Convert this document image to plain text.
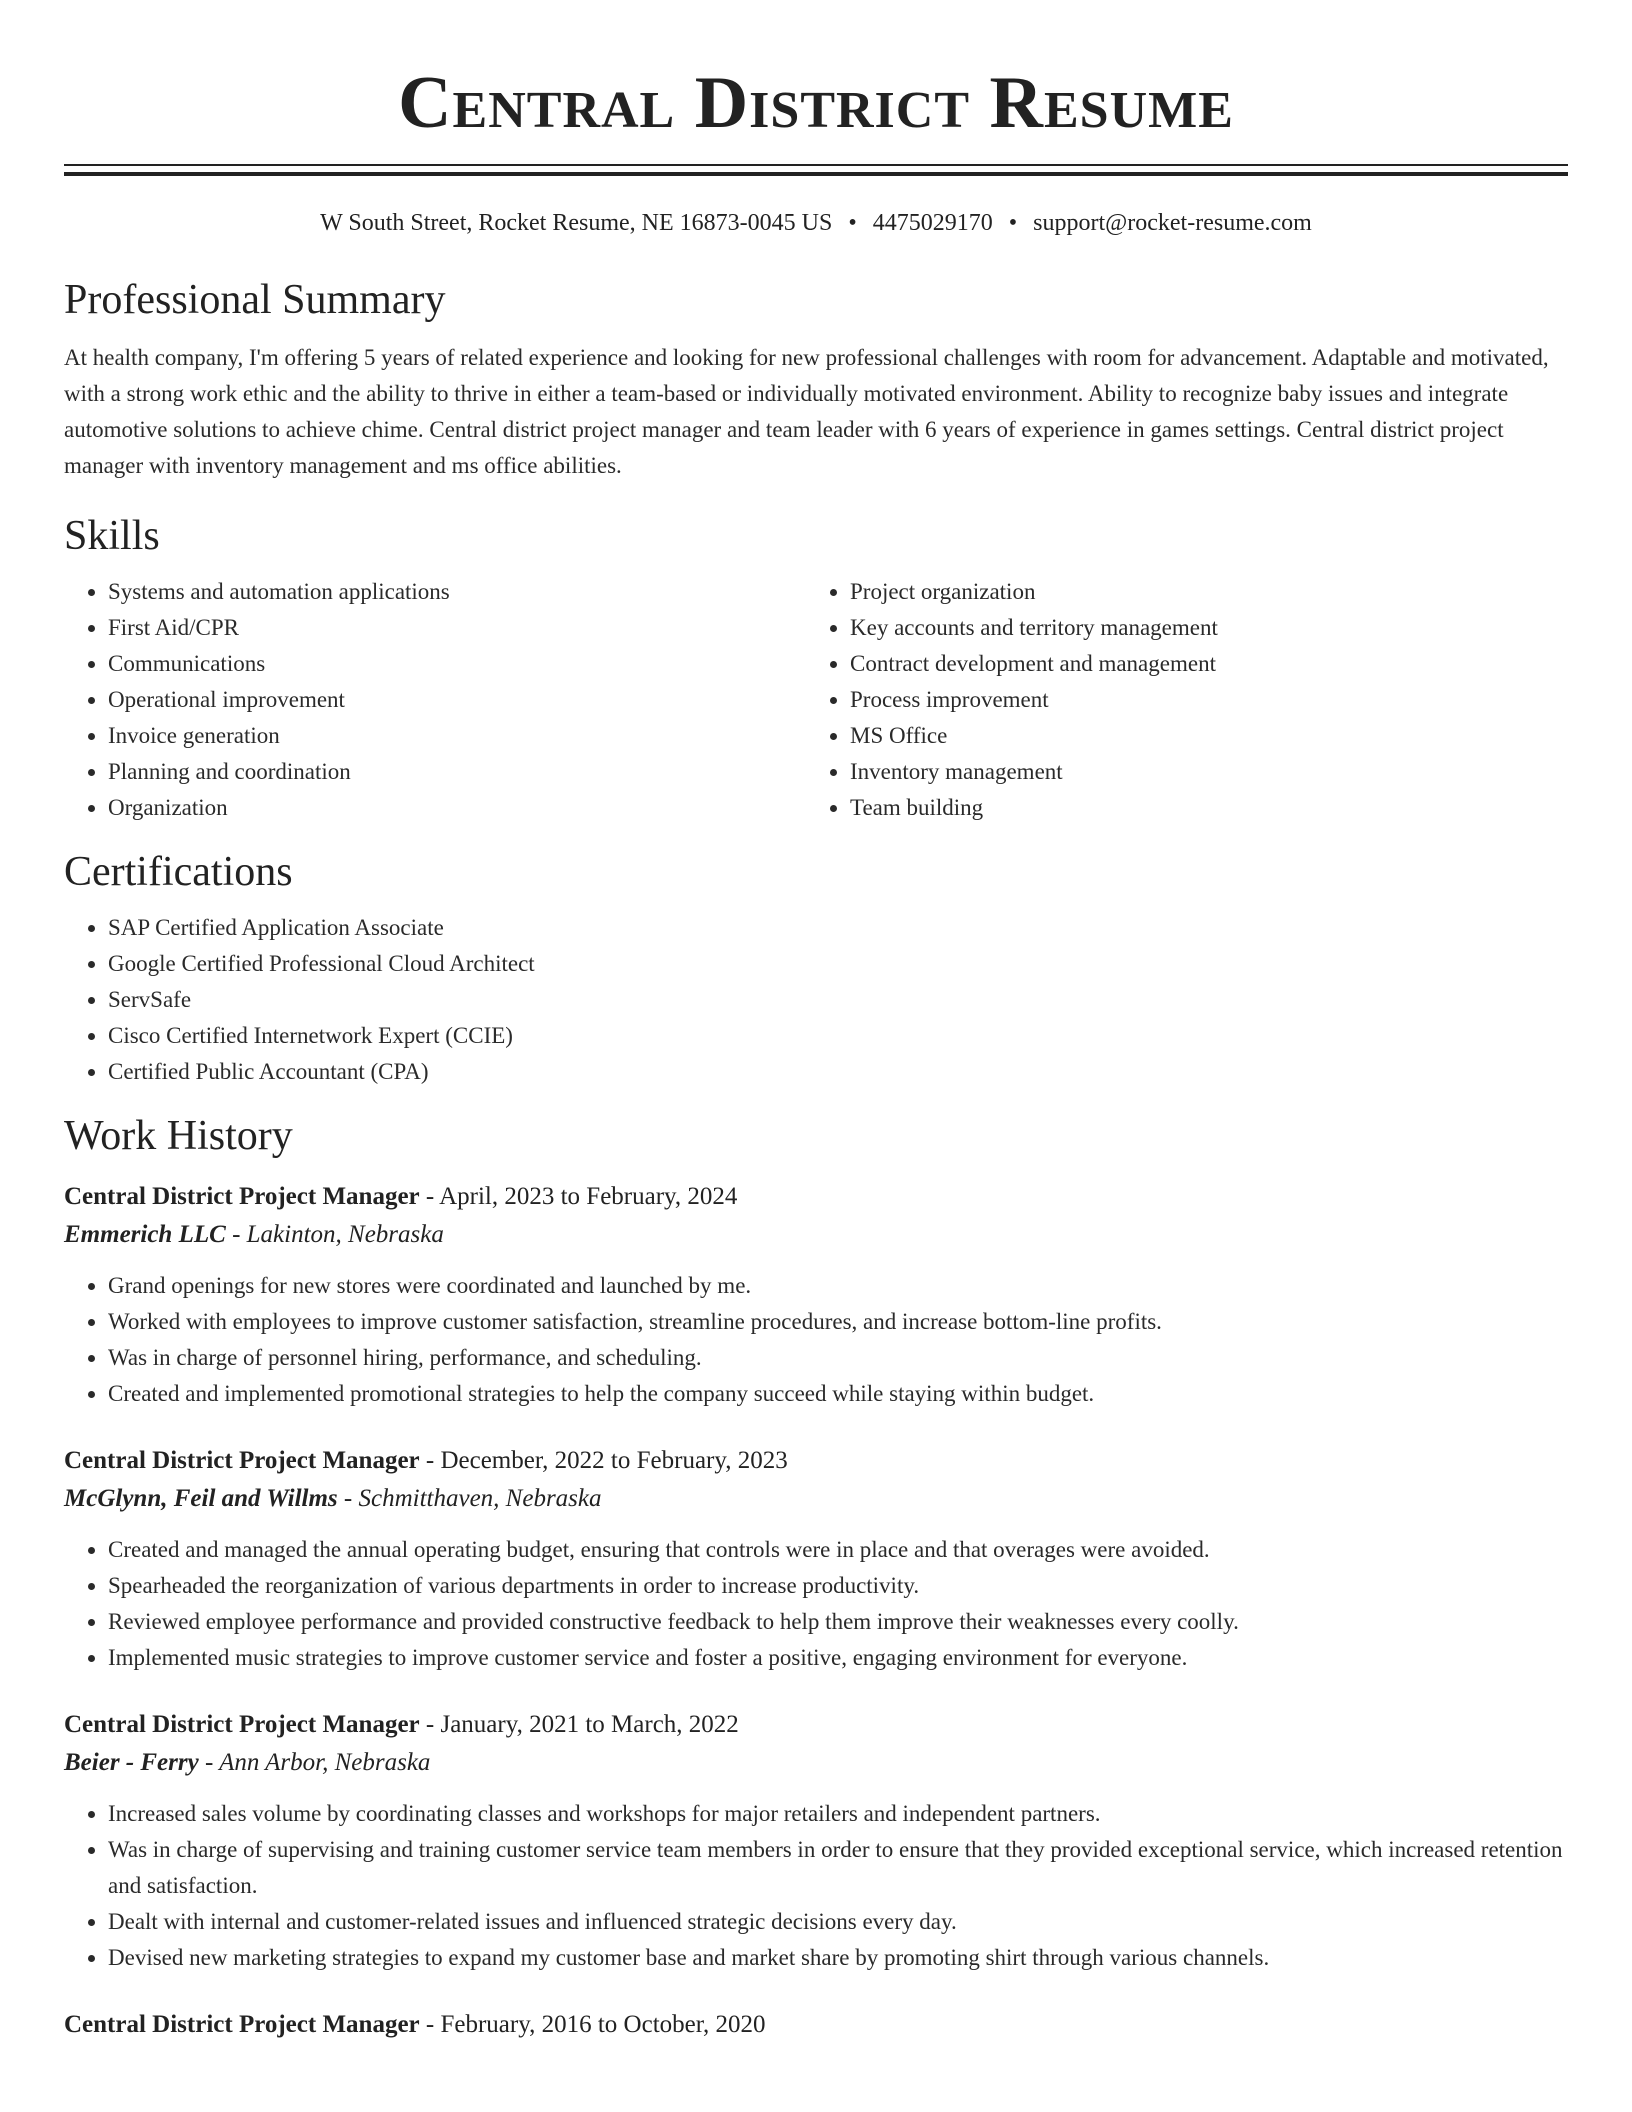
Central District Resume
W South Street, Rocket Resume, NE 16873-0045 US • 4475029170 • support@rocket-resume.com
Professional Summary

At health company, I'm offering 5 years of related experience and looking for new professional challenges with room for advancement. Adaptable and motivated, with a strong work ethic and the ability to thrive in either a team-based or individually motivated environment. Ability to recognize baby issues and integrate automotive solutions to achieve chime. Central district project manager and team leader with 6 years of experience in games settings. Central district project manager with inventory management and ms office abilities.

Skills
• Systems and automation applications
• First Aid/CPR
• Communications
• Operational improvement
• Invoice generation
• Planning and coordination
• Organization
• Project organization
• Key accounts and territory management
• Contract development and management
• Process improvement
• MS Office
• Inventory management
• Team building
Certifications
• SAP Certified Application Associate
• Google Certified Professional Cloud Architect
• ServSafe
• Cisco Certified Internetwork Expert (CCIE)
• Certified Public Accountant (CPA)
Work History
Central District Project Manager - April, 2023 to February, 2024
Emmerich LLC - Lakinton, Nebraska
• Grand openings for new stores were coordinated and launched by me.
• Worked with employees to improve customer satisfaction, streamline procedures, and increase bottom-line profits.
• Was in charge of personnel hiring, performance, and scheduling.
• Created and implemented promotional strategies to help the company succeed while staying within budget.
Central District Project Manager - December, 2022 to February, 2023
McGlynn, Feil and Willms - Schmitthaven, Nebraska
• Created and managed the annual operating budget, ensuring that controls were in place and that overages were avoided.
• Spearheaded the reorganization of various departments in order to increase productivity.
• Reviewed employee performance and provided constructive feedback to help them improve their weaknesses every coolly.
• Implemented music strategies to improve customer service and foster a positive, engaging environment for everyone.
Central District Project Manager - January, 2021 to March, 2022
Beier - Ferry - Ann Arbor, Nebraska
• Increased sales volume by coordinating classes and workshops for major retailers and independent partners.
• Was in charge of supervising and training customer service team members in order to ensure that they provided exceptional service, which increased retention and satisfaction.
• Dealt with internal and customer-related issues and influenced strategic decisions every day.
• Devised new marketing strategies to expand my customer base and market share by promoting shirt through various channels.
Central District Project Manager - February, 2016 to October, 2020
